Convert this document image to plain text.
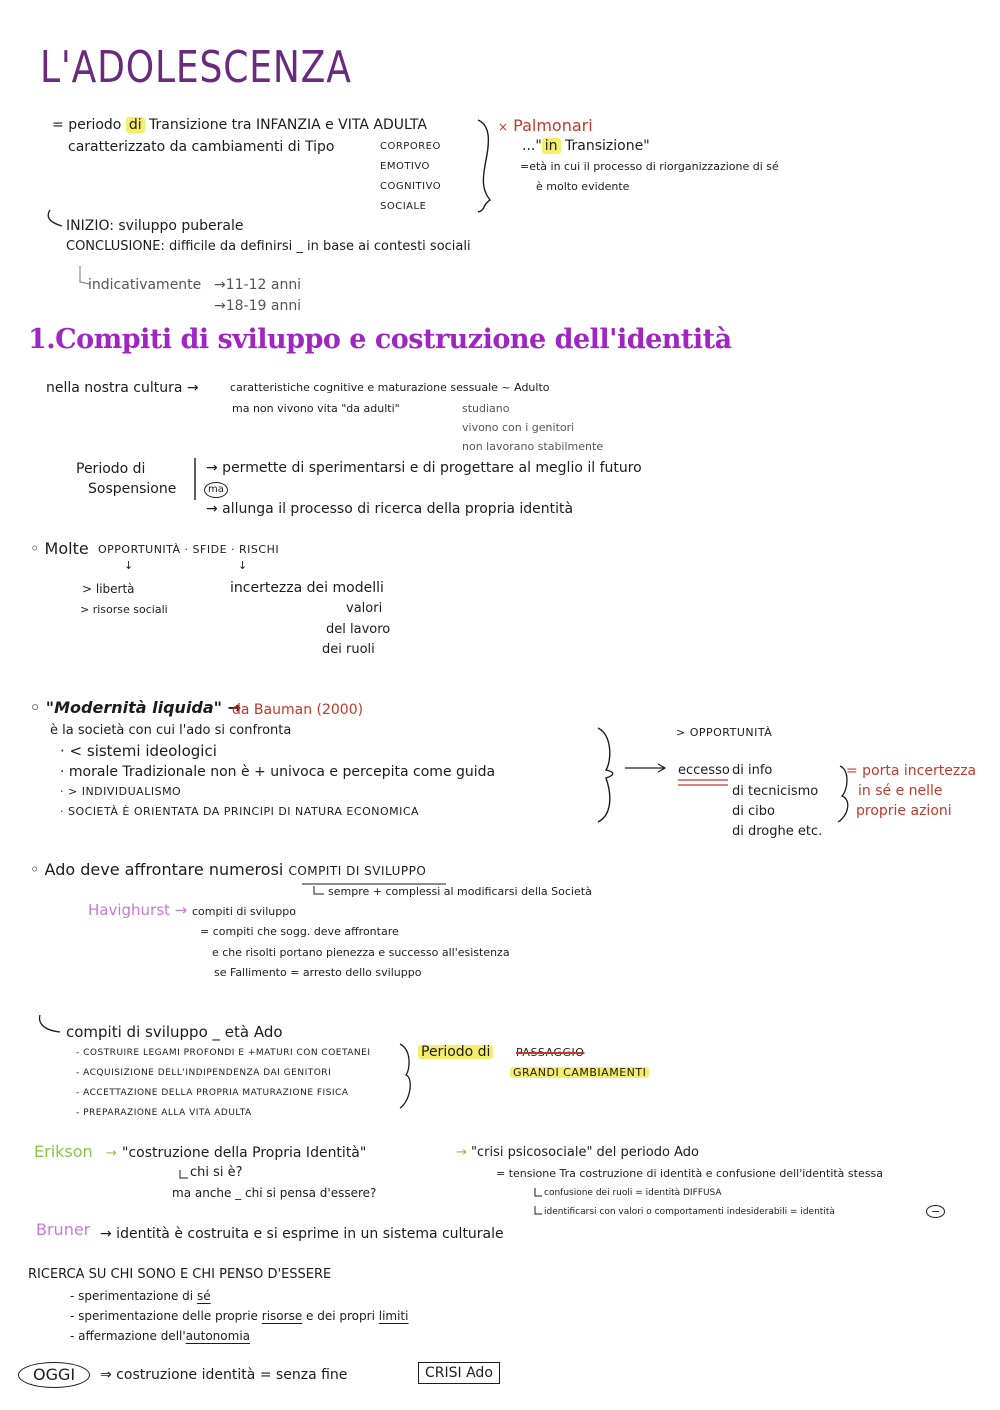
L'ADOLESCENZA
= periodo di Transizione tra INFANZIA e VITA ADULTA
caratterizzato da cambiamenti di Tipo	CORPOREO
EMOTIVO
COGNITIVO
SOCIALE
× Palmonari
..." in Transizione"
=età in cui il processo di riorganizzazione di sé
è molto evidente
INIZIO: sviluppo puberale
CONCLUSIONE: difficile da definirsi _ in base ai contesti sociali
indicativamente →11-12 anni
→18-19 anni
1.Compiti di sviluppo e costruzione dell'identità
nella nostra cultura →	caratteristiche cognitive e maturazione sessuale ~ Adulto
ma non vivono vita "da adulti"	studiano
vivono con i genitori
non lavorano stabilmente
Periodo di
Sospensione
→ permette di sperimentarsi e di progettare al meglio il futuro
ma
→ allunga il processo di ricerca della propria identità
◦ Molte OPPORTUNITÀ · SFIDE · RISCHI
↓	↓
> libertà
> risorse sociali
incertezza dei modelli
valori
del lavoro
dei ruoli
◦ "Modernità liquida" →
da Bauman (2000)
è la società con cui l'ado si confronta
· < sistemi ideologici
· morale Tradizionale non è + univoca e percepita come guida
· > INDIVIDUALISMO
· SOCIETÀ È ORIENTATA DA PRINCIPI DI NATURA ECONOMICA
> OPPORTUNITÀ
eccesso di info
di tecnicismo
di cibo
di droghe etc.
= porta incertezza
in sé e nelle
proprie azioni
◦ Ado deve affrontare numerosi COMPITI DI SVILUPPO
sempre + complessi al modificarsi della Società
Havighurst → compiti di sviluppo
= compiti che sogg. deve affrontare
e che risolti portano pienezza e successo all'esistenza
se Fallimento = arresto dello sviluppo
compiti di sviluppo _ età Ado
- COSTRUIRE LEGAMI PROFONDI E +MATURI CON COETANEI
- ACQUISIZIONE DELL'INDIPENDENZA DAI GENITORI
- ACCETTAZIONE DELLA PROPRIA MATURAZIONE FISICA
- PREPARAZIONE ALLA VITA ADULTA
Periodo di PASSAGGIO
GRANDI CAMBIAMENTI
Erikson → "costruzione della Propria Identità"
chi si è?
ma anche _ chi si pensa d'essere?
→ "crisi psicosociale" del periodo Ado
= tensione Tra costruzione di identità e confusione dell'identità stessa
confusione dei ruoli = identità DIFFUSA
identificarsi con valori o comportamenti indesiderabili = identità	−
Bruner → identità è costruita e si esprime in un sistema culturale
RICERCA SU CHI SONO E CHI PENSO D'ESSERE
- sperimentazione di sé
- sperimentazione delle proprie risorse e dei propri limiti
- affermazione dell'autonomia
OGGI	⇒ costruzione identità = senza fine	CRISI Ado
